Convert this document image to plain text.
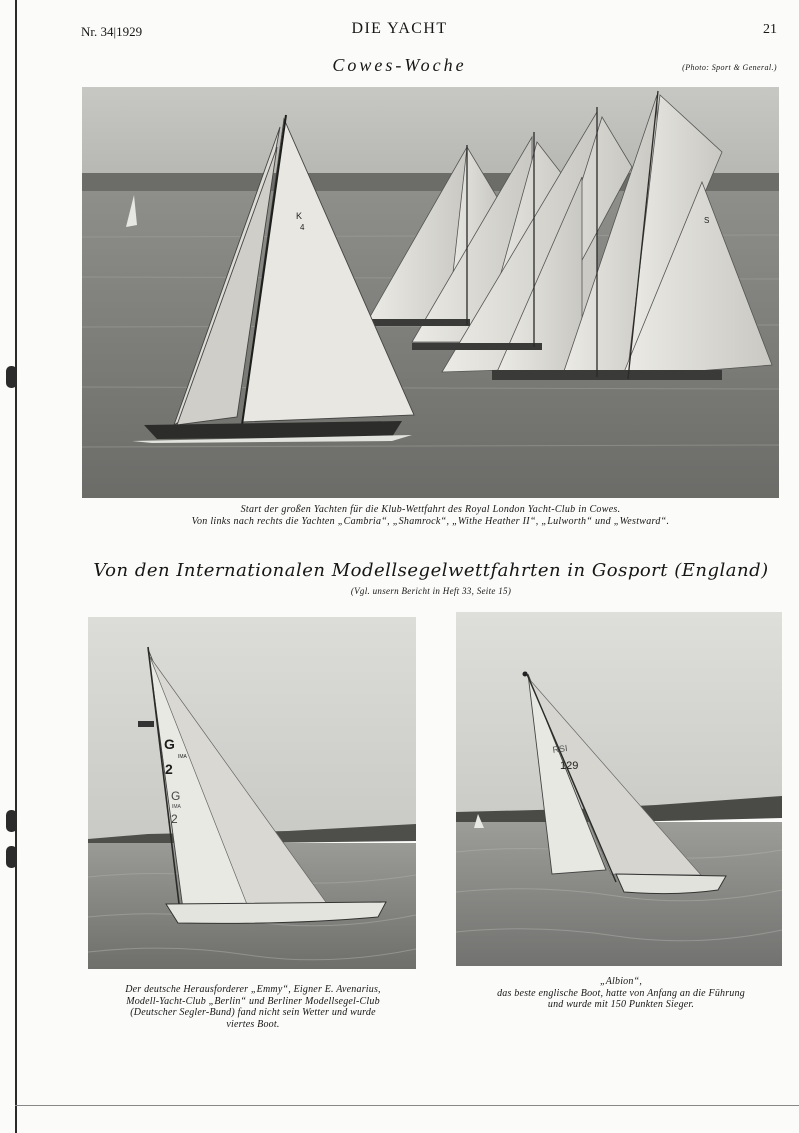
Nr. 34|1929	DIE YACHT	21
Cowes-Woche	(Photo: Sport & General.)
K
4
S
Start der großen Yachten für die Klub-Wettfahrt des Royal London Yacht-Club in Cowes.
Von links nach rechts die Yachten „Cambria“, „Shamrock“, „Withe Heather II“, „Lulworth“ und „Westward“.
Von den Internationalen Modellsegelwettfahrten in Gosport (England)
(Vgl. unsern Bericht in Heft 33, Seite 15)
G
2
IMA
G
2
IMA
129
RSI
Der deutsche Herausforderer „Emmy“, Eigner E. Avenarius,
Modell-Yacht-Club „Berlin“ und Berliner Modellsegel-Club
(Deutscher Segler-Bund) fand nicht sein Wetter und wurde
viertes Boot.
„Albion“,
das beste englische Boot, hatte von Anfang an die Führung
und wurde mit 150 Punkten Sieger.
